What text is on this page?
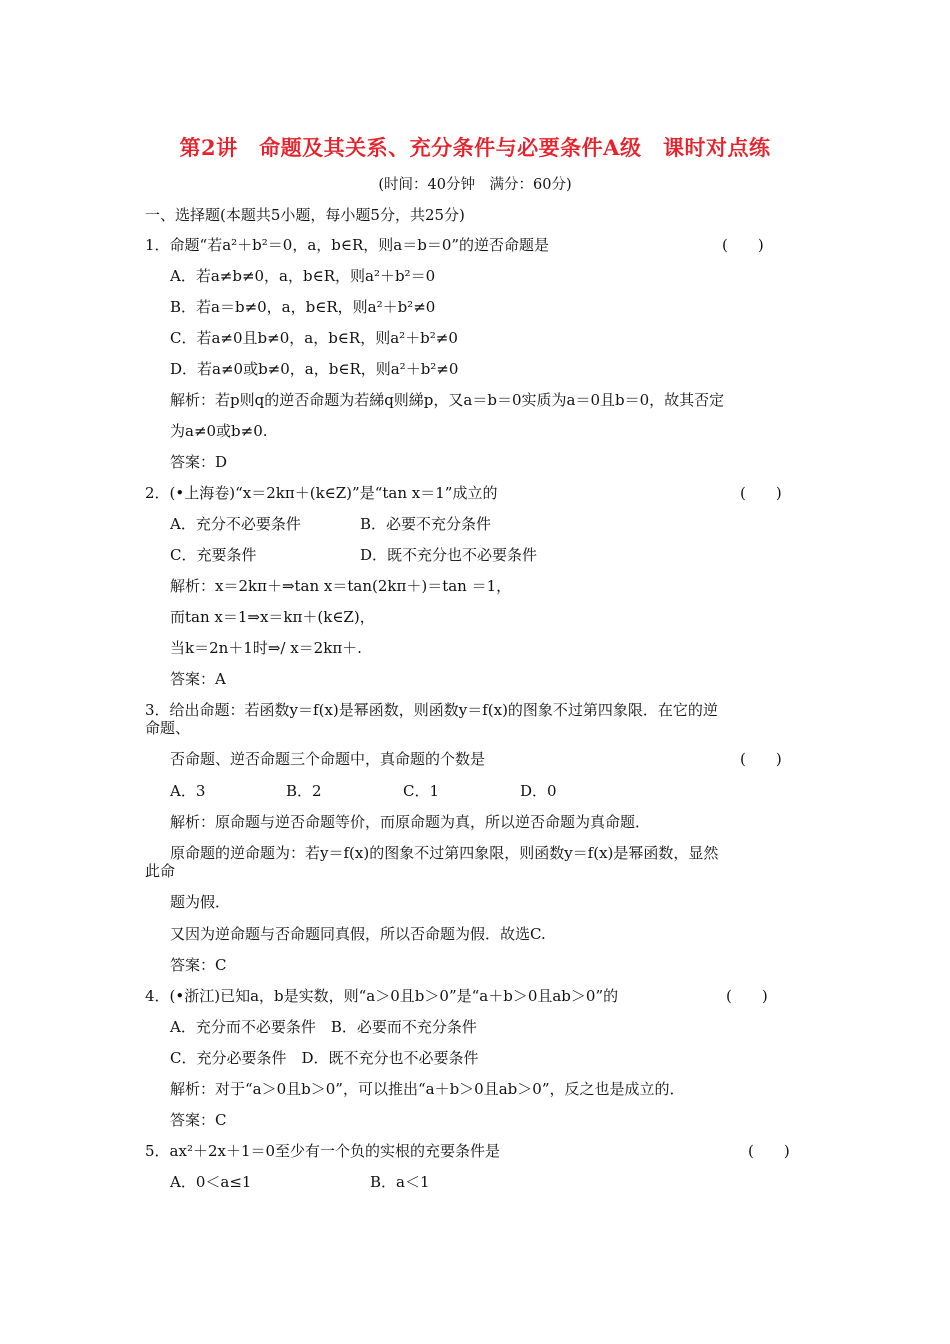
第2讲　命题及其关系、充分条件与必要条件A级　课时对点练
(时间：40分钟　满分：60分)
一、选择题(本题共5小题，每小题5分，共25分)
1．命题“若a²＋b²＝0，a，b∈R，则a＝b＝0”的逆否命题是	(　　)
A．若a≠b≠0，a，b∈R，则a²＋b²＝0
B．若a＝b≠0，a，b∈R，则a²＋b²≠0
C．若a≠0且b≠0，a，b∈R，则a²＋b²≠0
D．若a≠0或b≠0，a，b∈R，则a²＋b²≠0
解析：若p则q的逆否命题为若綈q则綈p，又a＝b＝0实质为a＝0且b＝0，故其否定
为a≠0或b≠0.
答案：D
2．(•上海卷)“x＝2kπ＋(k∈Z)”是“tan x＝1”成立的	(　　)
A．充分不必要条件	B．必要不充分条件
C．充要条件	D．既不充分也不必要条件
解析：x＝2kπ＋⇒tan x＝tan(2kπ＋)＝tan ＝1，
而tan x＝1⇒x＝kπ＋(k∈Z)，
当k＝2n＋1时⇒/ x＝2kπ＋.
答案：A
3．给出命题：若函数y＝f(x)是幂函数，则函数y＝f(x)的图象不过第四象限．在它的逆
命题、
否命题、逆否命题三个命题中，真命题的个数是	(　　)
A．3	B．2	C．1	D．0
解析：原命题与逆否命题等价，而原命题为真，所以逆否命题为真命题．
原命题的逆命题为：若y＝f(x)的图象不过第四象限，则函数y＝f(x)是幂函数，显然
此命
题为假．
又因为逆命题与否命题同真假，所以否命题为假．故选C.
答案：C
4．(•浙江)已知a，b是实数，则“a＞0且b＞0”是“a＋b＞0且ab＞0”的	(　　)
A．充分而不必要条件　B．必要而不充分条件
C．充分必要条件　D．既不充分也不必要条件
解析：对于“a＞0且b＞0”，可以推出“a＋b＞0且ab＞0”，反之也是成立的．
答案：C
5．ax²＋2x＋1＝0至少有一个负的实根的充要条件是	(　　)
A．0＜a≤1	B．a＜1
